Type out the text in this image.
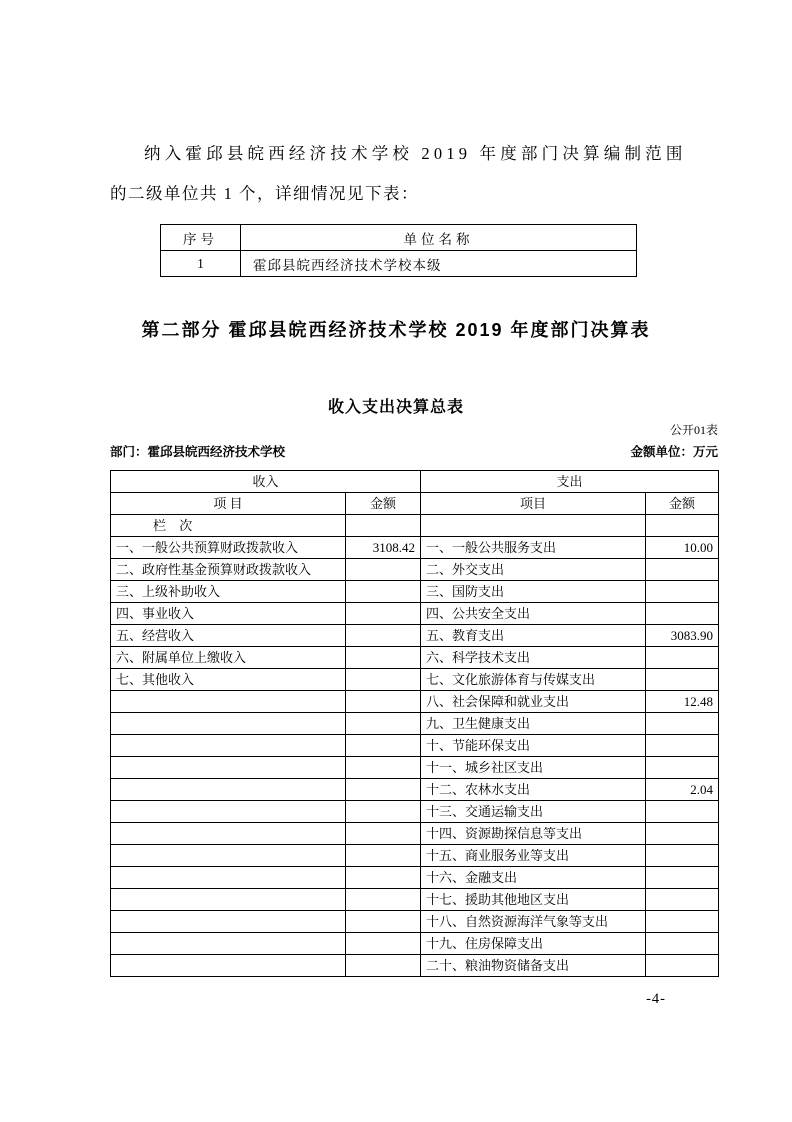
纳入霍邱县皖西经济技术学校 2019 年度部门决算编制范围
的二级单位共 1 个，详细情况见下表：

序号	单位名称
1	霍邱县皖西经济技术学校本级
第二部分 霍邱县皖西经济技术学校 2019 年度部门决算表
收入支出决算总表
公开01表
部门：霍邱县皖西经济技术学校	金额单位：万元
收入		支出	
项 目	金额	项目	金额
栏 次			
一、一般公共预算财政拨款收入	3108.42	一、一般公共服务支出	10.00
二、政府性基金预算财政拨款收入		二、外交支出	
三、上级补助收入		三、国防支出	
四、事业收入		四、公共安全支出	
五、经营收入		五、教育支出	3083.90
六、附属单位上缴收入		六、科学技术支出	
七、其他收入		七、文化旅游体育与传媒支出	
		八、社会保障和就业支出	12.48
		九、卫生健康支出	
		十、节能环保支出	
		十一、城乡社区支出	
		十二、农林水支出	2.04
		十三、交通运输支出	
		十四、资源勘探信息等支出	
		十五、商业服务业等支出	
		十六、金融支出	
		十七、援助其他地区支出	
		十八、自然资源海洋气象等支出	
		十九、住房保障支出	
		二十、粮油物资储备支出	
-4-
